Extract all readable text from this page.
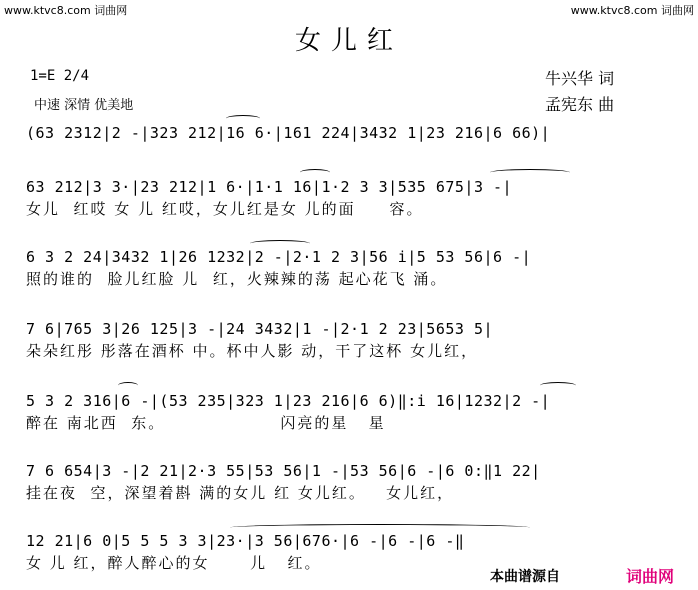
www.ktvc8.com 词曲网	www.ktvc8.com 词曲网
女儿红
1=E 2/4
中速 深情 优美地
牛兴华 词
孟宪东 曲
(63 2312|2 -|323 212|16 6·|161 224|3432 1|23 216|6 66)|
63 212|3 3·|23 212|1 6·|1·1 16|1·2 3 3|535 675|3 -|
女儿  红哎 女 儿 红哎，女儿红是女 儿的面     容。
6 3 2 24|3432 1|26 1232|2 -|2·1 2 3|56 i|5 53 56|6 -|
照的谁的  脸儿红脸 儿  红，火辣辣的荡 起心花飞 涌。
7 6|765 3|26 125|3 -|24 3432|1 -|2·1 2 23|5653 5|
朵朵红彤 彤落在酒杯 中。杯中人影 动，干了这杯 女儿红，
5 3 2 316|6 -|(53 235|323 1|23 216|6 6)‖:i 16|1232|2 -|
醉在 南北西  东。                 闪亮的星   星
7 6 654|3 -|2 21|2·3 55|53 56|1 -|53 56|6 -|6 0:‖1 22|
挂在夜  空，深望着斟 满的女儿 红 女儿红。   女儿红，
12 21|6 0|5 5 5 3 3|23·|3 56|676·|6 -|6 -|6 -‖
女 儿 红，醉人醉心的女      儿   红。
本曲谱源自	词曲网
